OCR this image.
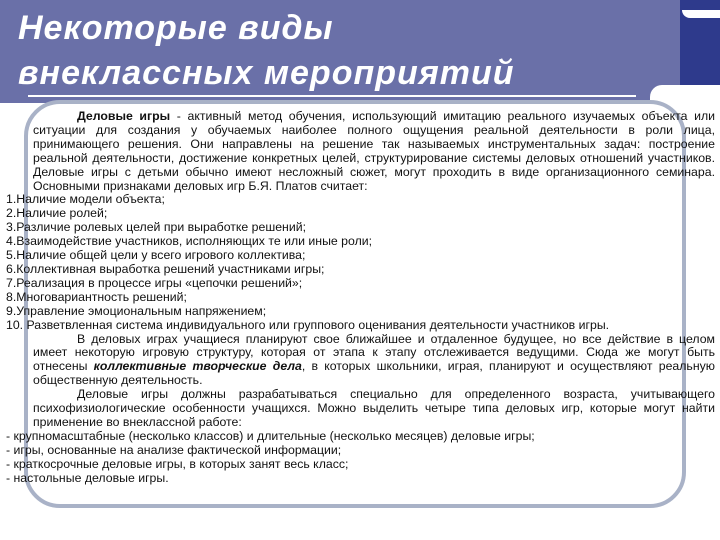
Некоторые виды
внеклассных мероприятий

Деловые игры - активный метод обучения, использующий имитацию реального изучаемых объекта или ситуации для создания у обучаемых наиболее полного ощущения реальной деятельности в роли лица, принимающего решения. Они направлены на решение так называемых инструментальных задач: построение реальной деятельности, достижение конкретных целей, структурирование системы деловых отношений участников. Деловые игры с детьми обычно имеют несложный сюжет, могут проходить в виде организационного семинара. Основными признаками деловых игр Б.Я. Платов считает:

1.Наличие модели объекта;
2.Наличие ролей;
3.Различие ролевых целей при выработке решений;
4.Взаимодействие участников, исполняющих те или иные роли;
5.Наличие общей цели у всего игрового коллектива;
6.Коллективная выработка решений участниками игры;
7.Реализация в процессе игры «цепочки решений»;
8.Многовариантность решений;
9.Управление эмоциональным напряжением;
10. Разветвленная система индивидуального или группового оценивания деятельности участников игры.

В деловых играх учащиеся планируют свое ближайшее и отдаленное будущее, но все действие в целом имеет некоторую игровую структуру, которая от этапа к этапу отслеживается ведущими. Сюда же могут быть отнесены коллективные творческие дела, в которых школьники, играя, планируют и осуществляют реальную общественную деятельность.

Деловые игры должны разрабатываться специально для определенного возраста, учитывающего психофизиологические особенности учащихся. Можно выделить четыре типа деловых игр, которые могут найти применение во внеклассной работе:

- крупномасштабные (несколько классов) и длительные (несколько месяцев) деловые игры;
- игры, основанные на анализе фактической информации;
- краткосрочные деловые игры, в которых занят весь класс;
- настольные деловые игры.
